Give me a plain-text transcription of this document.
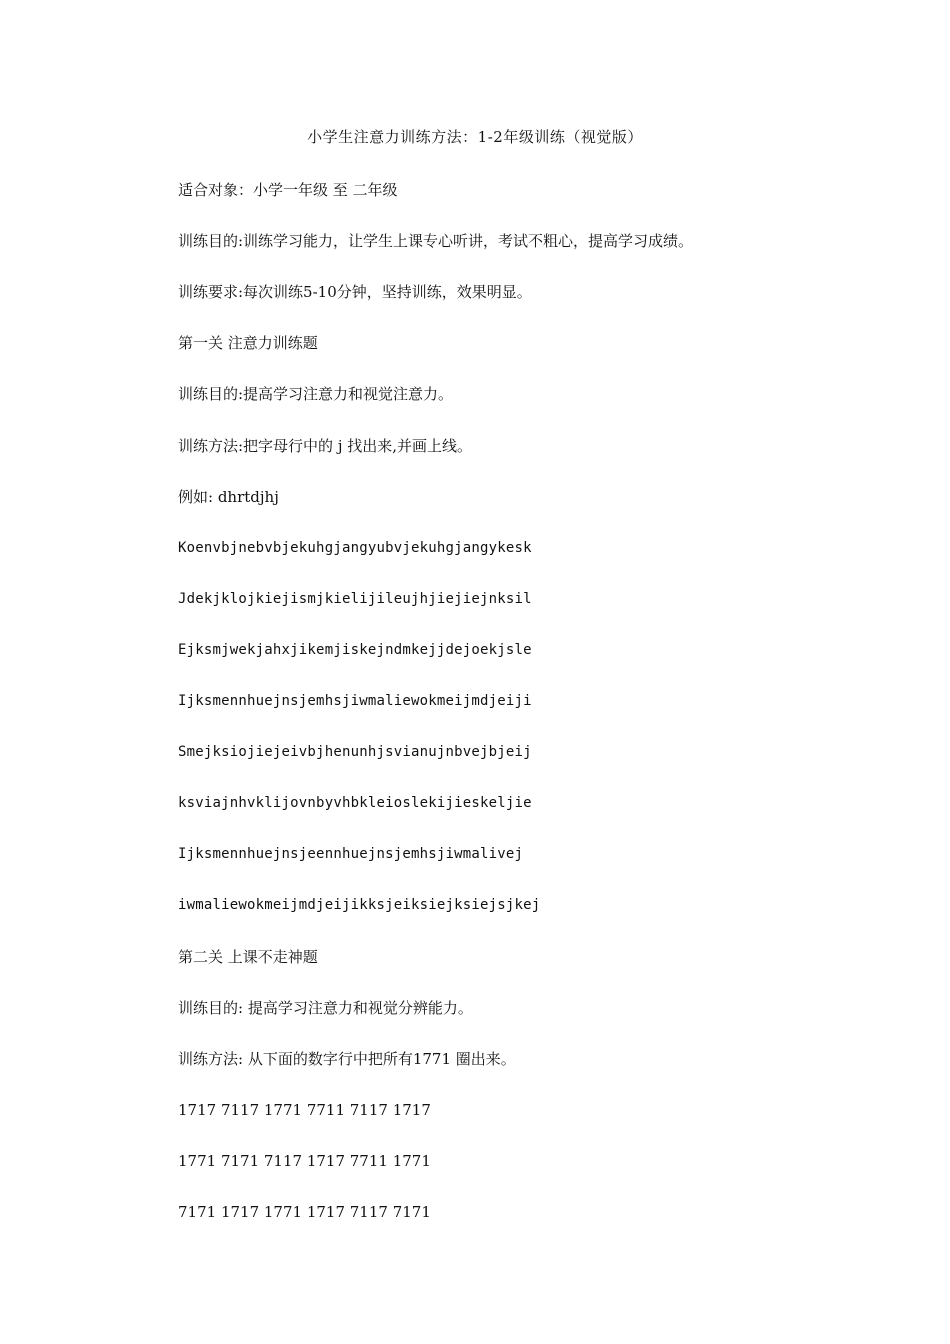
小学生注意力训练方法：1-2年级训练（视觉版）
适合对象：小学一年级 至 二年级
训练目的:训练学习能力，让学生上课专心听讲，考试不粗心，提高学习成绩。
训练要求:每次训练5-10分钟，坚持训练，效果明显。
第一关 注意力训练题
训练目的:提高学习注意力和视觉注意力。
训练方法:把字母行中的 j 找出来,并画上线。
例如: dhrtdjhj
Koenvbjnebvbjekuhgjangyubvjekuhgjangykesk
Jdekjklojkiejismjkielijileujhjiejiejnksil
Ejksmjwekjahxjikemjiskejndmkejjdejoekjsle
Ijksmennhuejnsjemhsjiwmaliewokmeijmdjeiji
Smejksiojiejeivbjhenunhjsvianujnbvejbjeij
ksviajnhvklijovnbyvhbkleioslekijieskeljie
Ijksmennhuejnsjeennhuejnsjemhsjiwmalivej
iwmaliewokmeijmdjeijikksjeiksiejksiejsjkej
第二关 上课不走神题
训练目的: 提高学习注意力和视觉分辨能力。
训练方法: 从下面的数字行中把所有1771 圈出来。
1717 7117 1771 7711 7117 1717
1771 7171 7117 1717 7711 1771
7171 1717 1771 1717 7117 7171
